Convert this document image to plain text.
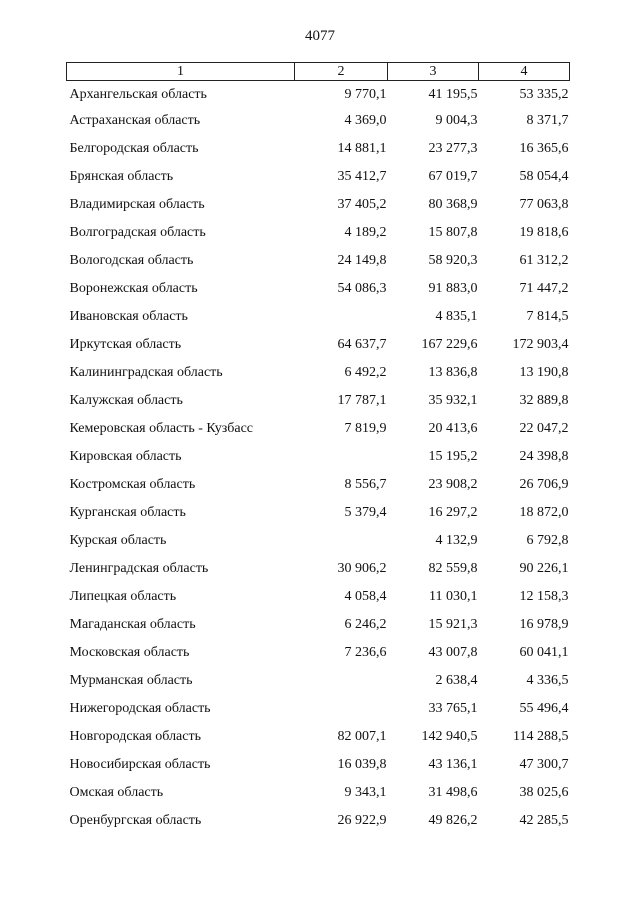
4077
1	2	3	4
Архангельская область	9 770,1	41 195,5	53 335,2
Астраханская область	4 369,0	9 004,3	8 371,7
Белгородская область	14 881,1	23 277,3	16 365,6
Брянская область	35 412,7	67 019,7	58 054,4
Владимирская область	37 405,2	80 368,9	77 063,8
Волгоградская область	4 189,2	15 807,8	19 818,6
Вологодская область	24 149,8	58 920,3	61 312,2
Воронежская область	54 086,3	91 883,0	71 447,2
Ивановская область		4 835,1	7 814,5
Иркутская область	64 637,7	167 229,6	172 903,4
Калининградская область	6 492,2	13 836,8	13 190,8
Калужская область	17 787,1	35 932,1	32 889,8
Кемеровская область - Кузбасс	7 819,9	20 413,6	22 047,2
Кировская область		15 195,2	24 398,8
Костромская область	8 556,7	23 908,2	26 706,9
Курганская область	5 379,4	16 297,2	18 872,0
Курская область		4 132,9	6 792,8
Ленинградская область	30 906,2	82 559,8	90 226,1
Липецкая область	4 058,4	11 030,1	12 158,3
Магаданская область	6 246,2	15 921,3	16 978,9
Московская область	7 236,6	43 007,8	60 041,1
Мурманская область		2 638,4	4 336,5
Нижегородская область		33 765,1	55 496,4
Новгородская область	82 007,1	142 940,5	114 288,5
Новосибирская область	16 039,8	43 136,1	47 300,7
Омская область	9 343,1	31 498,6	38 025,6
Оренбургская область	26 922,9	49 826,2	42 285,5
